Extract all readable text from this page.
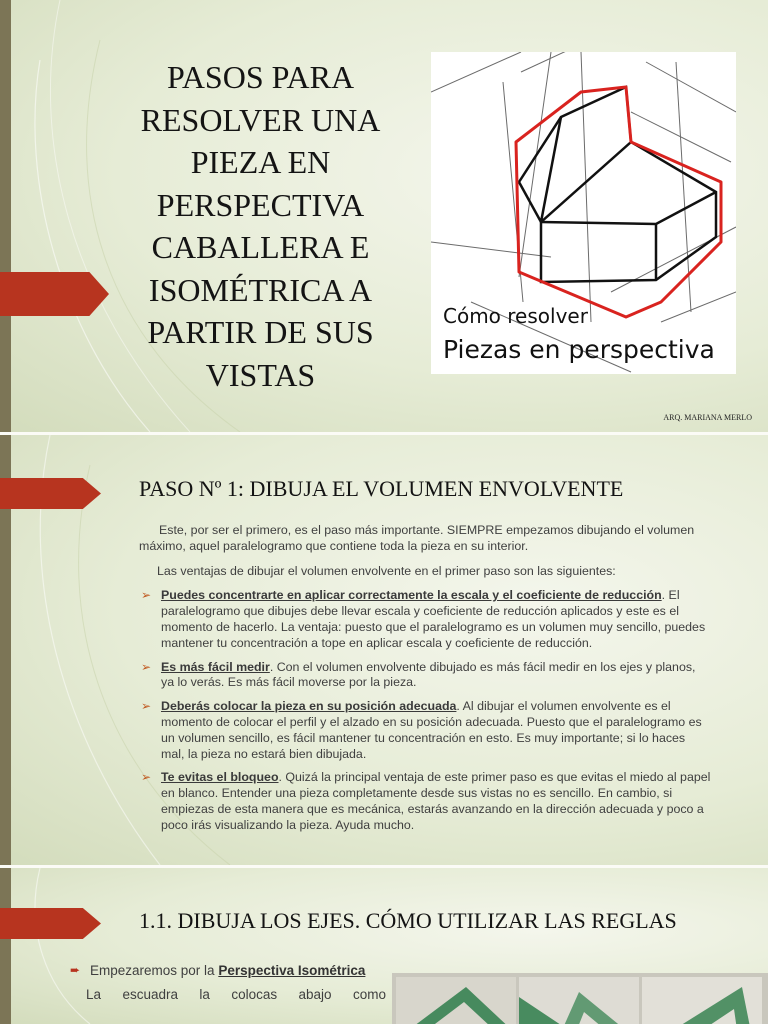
PASOS PARA
RESOLVER UNA
PIEZA EN
PERSPECTIVA
CABALLERA E
ISOMÉTRICA A
PARTIR DE SUS
VISTAS
Cómo resolver
Piezas en perspectiva
ARQ. MARIANA MERLO
PASO Nº 1: DIBUJA EL VOLUMEN ENVOLVENTE

Este, por ser el primero, es el paso más importante. SIEMPRE empezamos dibujando el volumen máximo, aquel paralelogramo que contiene toda la pieza en su interior.

Las ventajas de dibujar el volumen envolvente en el primer paso son las siguientes:

➢ Puedes concentrarte en aplicar correctamente la escala y el coeficiente de reducción. El paralelogramo que dibujes debe llevar escala y coeficiente de reducción aplicados y este es el momento de hacerlo. La ventaja: puesto que el paralelogramo es un volumen muy sencillo, puedes mantener tu concentración a tope en aplicar escala y coeficiente de reducción.
➢ Es más fácil medir. Con el volumen envolvente dibujado es más fácil medir en los ejes y planos, ya lo verás. Es más fácil moverse por la pieza.
➢ Deberás colocar la pieza en su posición adecuada. Al dibujar el volumen envolvente es el momento de colocar el perfil y el alzado en su posición adecuada. Puesto que el paralelogramo es un volumen sencillo, es fácil mantener tu concentración en esto. Es muy importante; si lo haces mal, la pieza no estará bien dibujada.
➢ Te evitas el bloqueo. Quizá la principal ventaja de este primer paso es que evitas el miedo al papel en blanco. Entender una pieza completamente desde sus vistas no es sencillo. En cambio, si empiezas de esta manera que es mecánica, estarás avanzando en la dirección adecuada y poco a poco irás visualizando la pieza. Ayuda mucho.
1.1. DIBUJA LOS EJES. CÓMO UTILIZAR LAS REGLAS
➨ Empezaremos por la Perspectiva Isométrica
La escuadra la colocas abajo como
